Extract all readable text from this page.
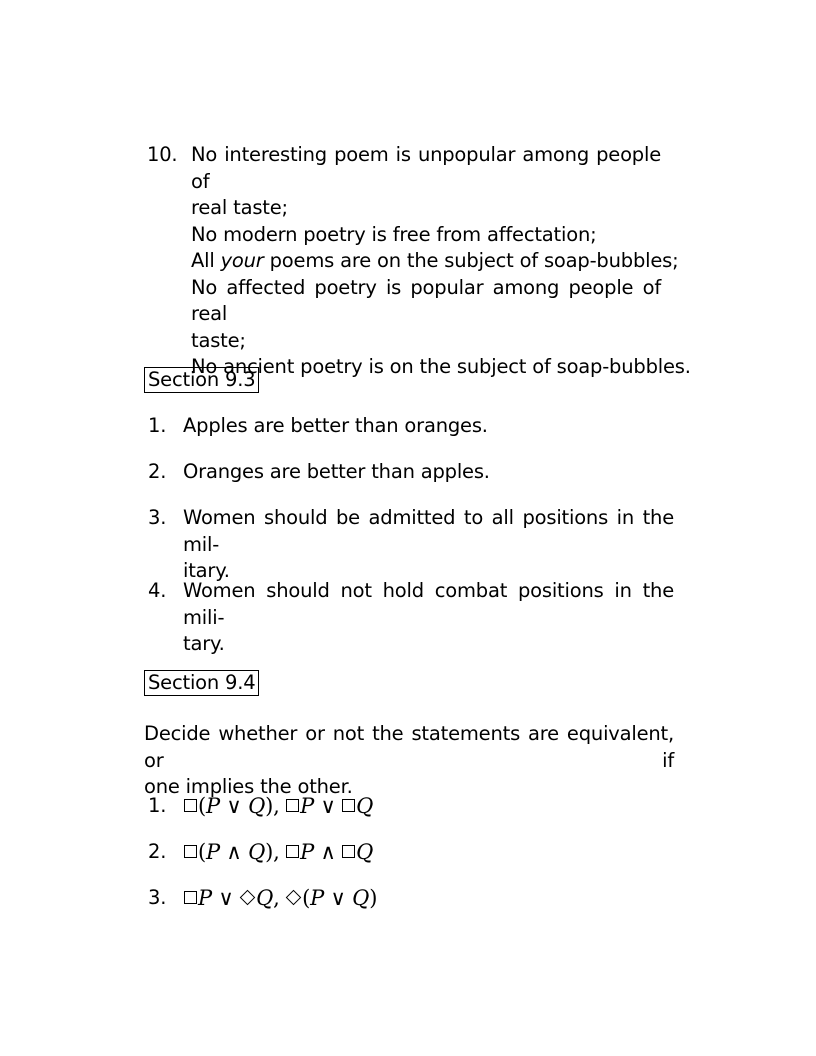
10. No interesting poem is unpopular among people of
real taste;
No modern poetry is free from affectation;
All your poems are on the subject of soap-bubbles;
No affected poetry is popular among people of real
taste;
No ancient poetry is on the subject of soap-bubbles.
Section 9.3
1. Apples are better than oranges.
2. Oranges are better than apples.
3. Women should be admitted to all positions in the mil-
itary.
4. Women should not hold combat positions in the mili-
tary.
Section 9.4
Decide whether or not the statements are equivalent, or if
one implies the other.
1.	(P ∨ Q), P ∨ Q
2.	(P ∧ Q), P ∧ Q
3.	P ∨ Q, (P ∨ Q)
